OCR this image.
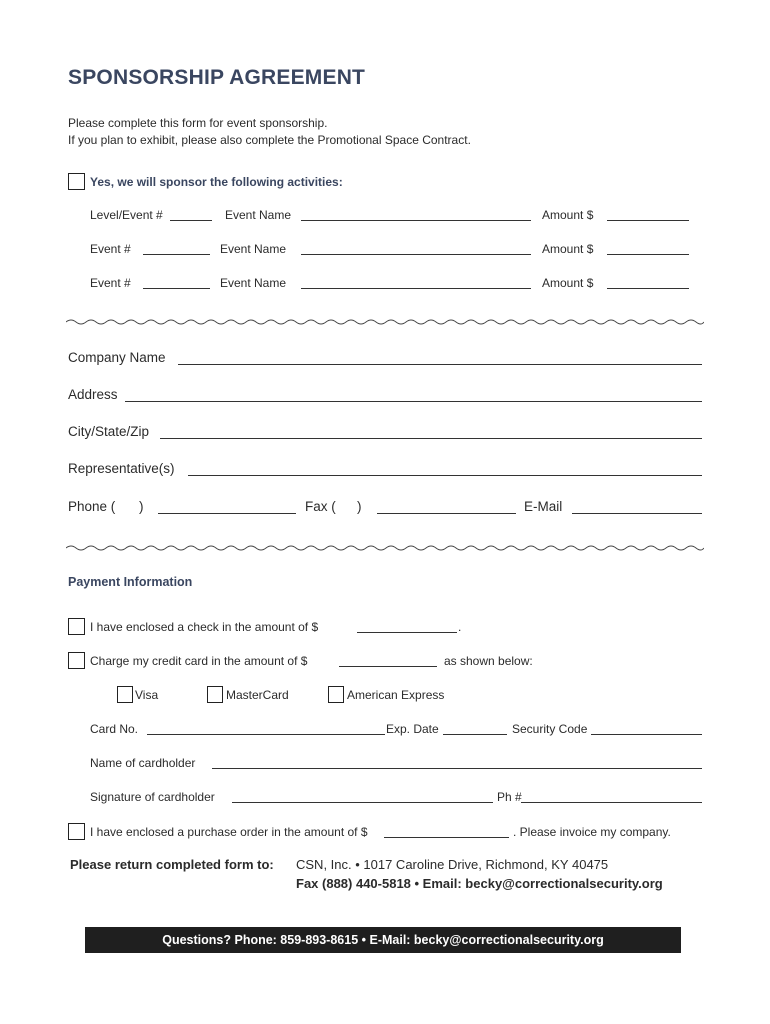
SPONSORSHIP AGREEMENT
Please complete this form for event sponsorship.
If you plan to exhibit, please also complete the Promotional Space Contract.
Yes, we will sponsor the following activities:
Level/Event #	Event Name	Amount $
Event #	Event Name	Amount $
Event #	Event Name	Amount $
Company Name
Address
City/State/Zip
Representative(s)
Phone ( )	Fax ( )	E-Mail
Payment Information
I have enclosed a check in the amount of $	.
Charge my credit card in the amount of $	as shown below:
Visa	MasterCard	American Express
Card No.	Exp. Date	Security Code
Name of cardholder
Signature of cardholder	Ph #
I have enclosed a purchase order in the amount of $	. Please invoice my company.
Please return completed form to: CSN, Inc. • 1017 Caroline Drive, Richmond, KY 40475
Fax (888) 440-5818 • Email: becky@correctionalsecurity.org
Questions? Phone: 859-893-8615 • E-Mail: becky@correctionalsecurity.org
